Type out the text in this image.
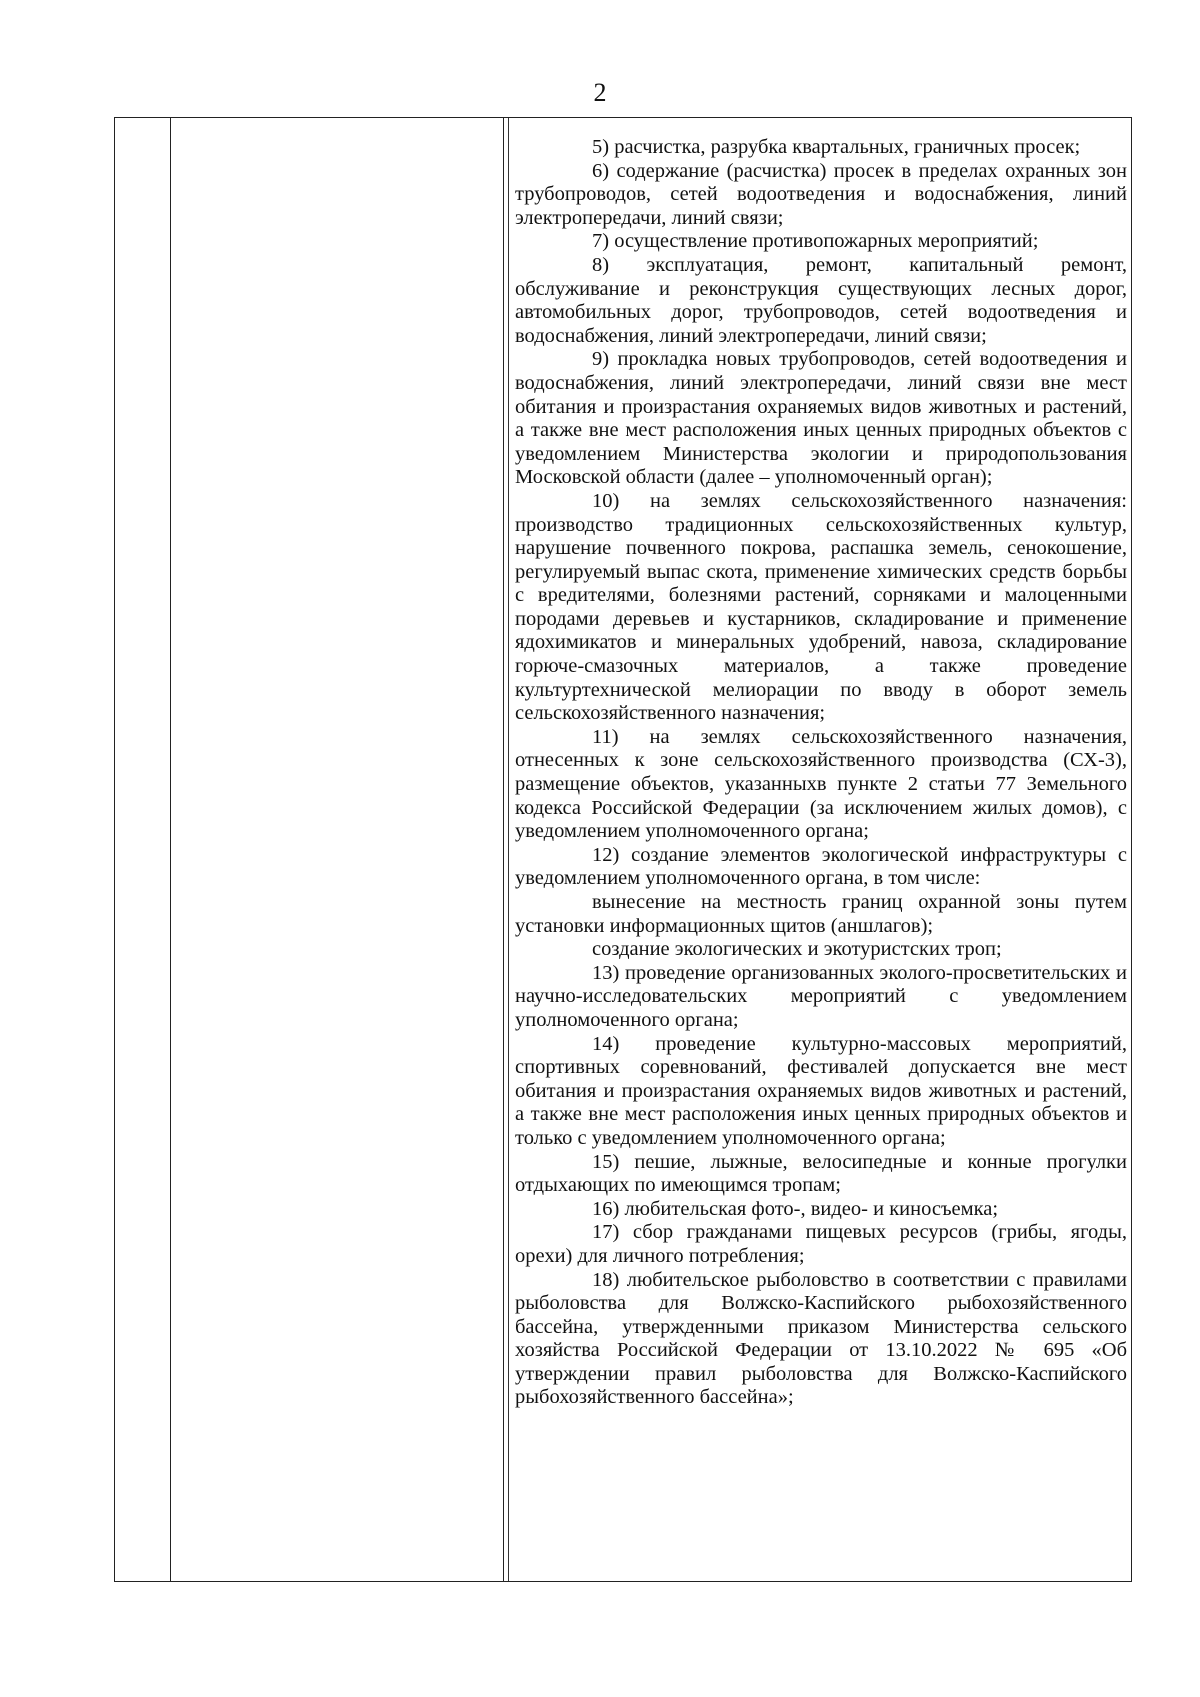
2

5) расчистка, разрубка квартальных, граничных просек;

6) содержание (расчистка) просек в пределах охранных зон трубопроводов, сетей водоотведения и водоснабжения, линий электропередачи, линий связи;

7) осуществление противопожарных мероприятий;

8) эксплуатация, ремонт, капитальный ремонт, обслуживание и реконструкция существующих лесных дорог, автомобильных дорог, трубопроводов, сетей водоотведения и водоснабжения, линий электропередачи, линий связи;

9) прокладка новых трубопроводов, сетей водоотведения и водоснабжения, линий электропередачи, линий связи вне мест обитания и произрастания охраняемых видов животных и растений, а также вне мест расположения иных ценных природных объектов с уведомлением Министерства экологии и природопользования Московской области (далее – уполномоченный орган);

10) на землях сельскохозяйственного назначения: производство традиционных сельскохозяйственных культур, нарушение почвенного покрова, распашка земель, сенокошение, регулируемый выпас скота, применение химических средств борьбы с вредителями, болезнями растений, сорняками и малоценными породами деревьев и кустарников, складирование и применение ядохимикатов и минеральных удобрений, навоза, складирование горюче-смазочных материалов, а также проведение культуртехнической мелиорации по вводу в оборот земель сельскохозяйственного назначения;

11) на землях сельскохозяйственного назначения, отнесенных к зоне сельскохозяйственного производства (СХ-3), размещение объектов, указанныхв пункте 2 статьи 77 Земельного кодекса Российской Федерации (за исключением жилых домов), с уведомлением уполномоченного органа;

12) создание элементов экологической инфраструктуры с уведомлением уполномоченного органа, в том числе:

вынесение на местность границ охранной зоны путем установки информационных щитов (аншлагов);

создание экологических и экотуристских троп;

13) проведение организованных эколого-просветительских и научно-исследовательских мероприятий с уведомлением уполномоченного органа;

14) проведение культурно-массовых мероприятий, спортивных соревнований, фестивалей допускается вне мест обитания и произрастания охраняемых видов животных и растений, а также вне мест расположения иных ценных природных объектов и только с уведомлением уполномоченного органа;

15) пешие, лыжные, велосипедные и конные прогулки отдыхающих по имеющимся тропам;

16) любительская фото-, видео- и киносъемка;

17) сбор гражданами пищевых ресурсов (грибы, ягоды, орехи) для личного потребления;

18) любительское рыболовство в соответствии с правилами рыболовства для Волжско-Каспийского рыбохозяйственного бассейна, утвержденными приказом Министерства сельского хозяйства Российской Федерации от 13.10.2022 № 695 «Об утверждении правил рыболовства для Волжско-Каспийского рыбохозяйственного бассейна»;
